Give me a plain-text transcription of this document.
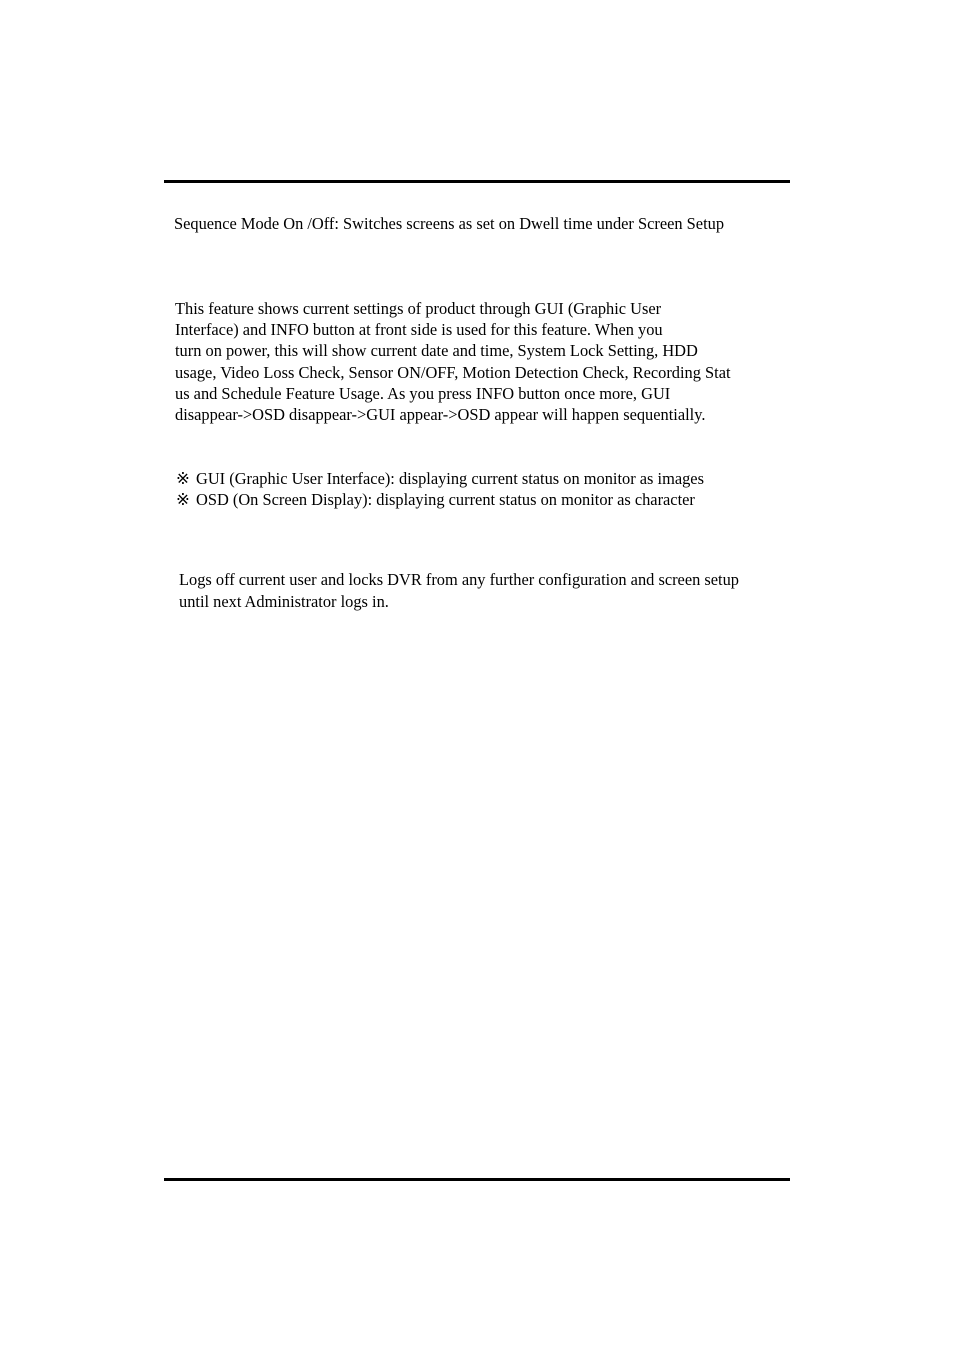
Sequence Mode On /Off: Switches screens as set on Dwell time under Screen Setup
This feature shows current settings of product through GUI (Graphic User
Interface) and INFO button at front side is used for this feature. When you
turn on power, this will show current date and time, System Lock Setting, HDD
usage, Video Loss Check, Sensor ON/OFF, Motion Detection Check, Recording Stat
us and Schedule Feature Usage. As you press INFO button once more, GUI
disappear->OSD disappear->GUI appear->OSD appear will happen sequentially.
※ GUI (Graphic User Interface): displaying current status on monitor as images
※ OSD (On Screen Display): displaying current status on monitor as character
Logs off current user and locks DVR from any further configuration and screen setup
until next Administrator logs in.
